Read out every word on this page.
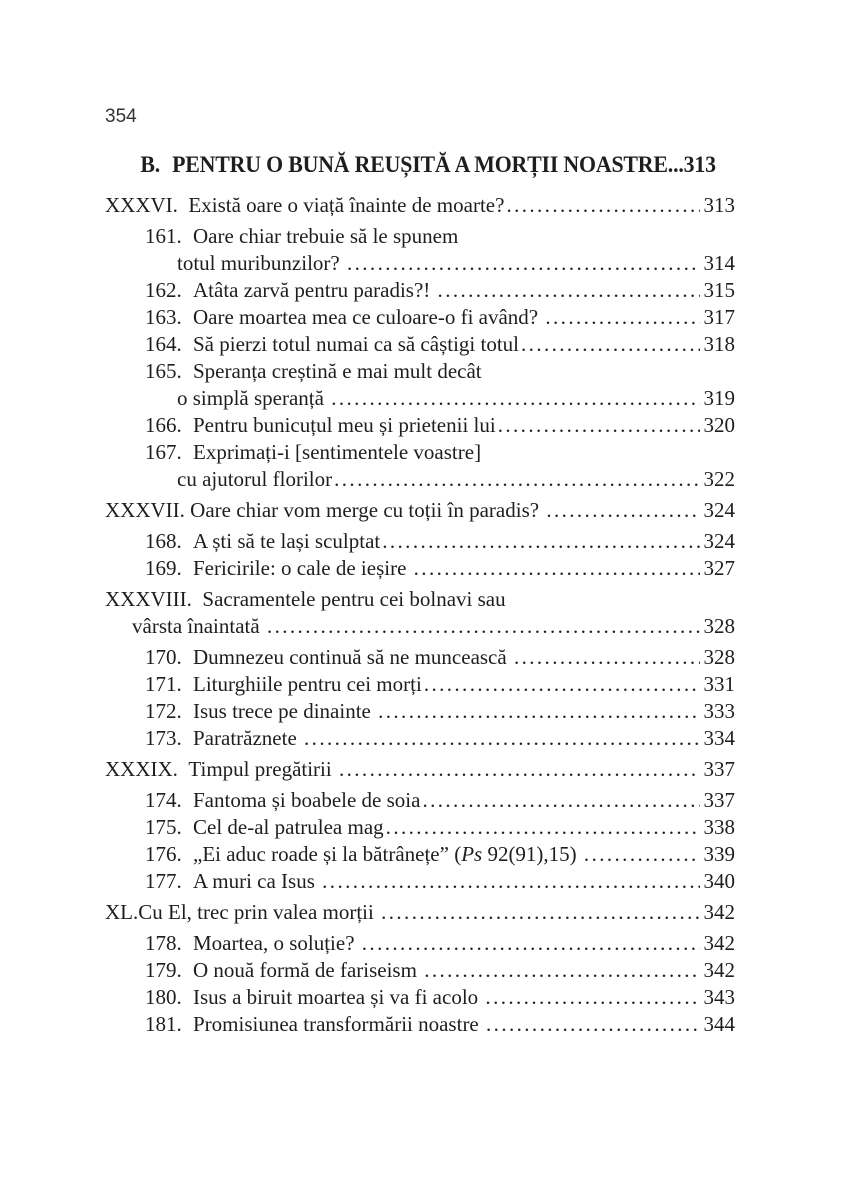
354
B. PENTRU O BUNĂ REUȘITĂ A MORȚII NOASTRE...313
XXXVI. Există oare o viață înainte de moarte? .....	313
161. Oare chiar trebuie să le spunem
totul muribunzilor? .....	314
162. Atâta zarvă pentru paradis?! .....	315
163. Oare moartea mea ce culoare-o fi având? .....	317
164. Să pierzi totul numai ca să câștigi totul .....	318
165. Speranța creștină e mai mult decât
o simplă speranță .....	319
166. Pentru bunicuțul meu și prietenii lui .....	320
167. Exprimați-i [sentimentele voastre]
cu ajutorul florilor .....	322
XXXVII. Oare chiar vom merge cu toții în paradis? .....	324
168. A ști să te lași sculptat .....	324
169. Fericirile: o cale de ieșire .....	327
XXXVIII. Sacramentele pentru cei bolnavi sau
vârsta înaintată .....	328
170. Dumnezeu continuă să ne muncească .....	328
171. Liturghiile pentru cei morți .....	331
172. Isus trece pe dinainte .....	333
173. Paratrăznete .....	334
XXXIX. Timpul pregătirii .....	337
174. Fantoma și boabele de soia .....	337
175. Cel de-al patrulea mag .....	338
176. „Ei aduc roade și la bătrânețe” (Ps 92(91),15) .....	339
177. A muri ca Isus .....	340
XL. Cu El, trec prin valea morții .....	342
178. Moartea, o soluție? .....	342
179. O nouă formă de fariseism .....	342
180. Isus a biruit moartea și va fi acolo .....	343
181. Promisiunea transformării noastre .....	344
